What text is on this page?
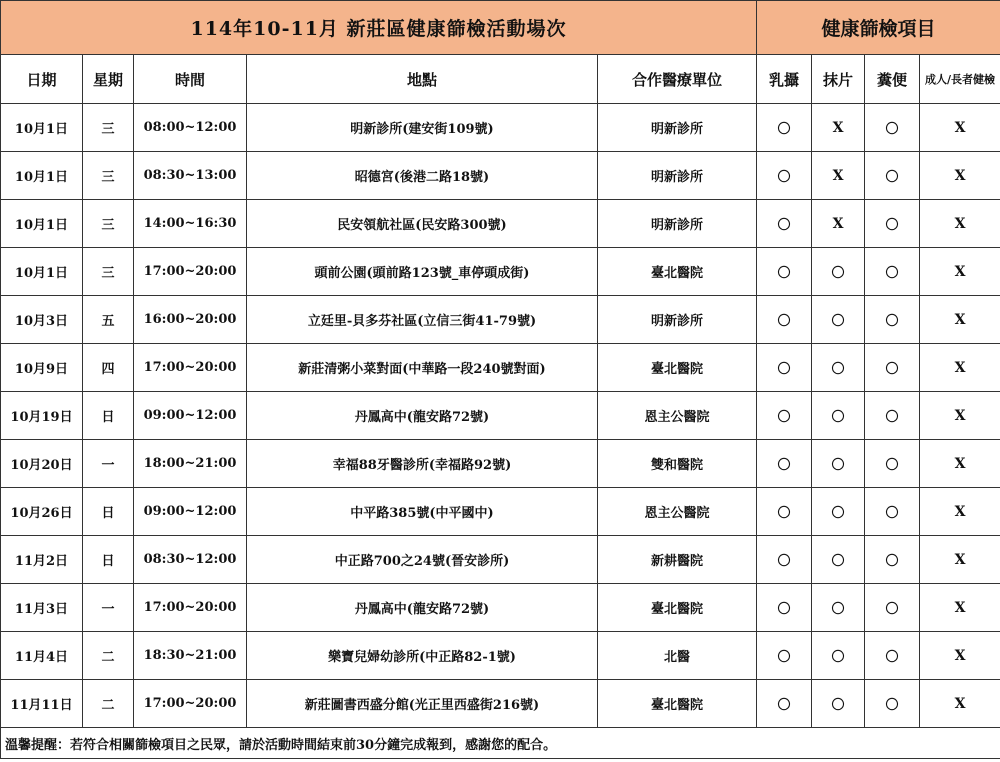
114年10-11月 新莊區健康篩檢活動場次					健康篩檢項目			
日期	星期	時間	地點	合作醫療單位	乳攝	抹片	糞便	成人/長者健檢
10月1日	三	08:00~12:00	明新診所(建安街109號)	明新診所	〇	X	〇	X
10月1日	三	08:30~13:00	昭德宮(後港二路18號)	明新診所	〇	X	〇	X
10月1日	三	14:00~16:30	民安領航社區(民安路300號)	明新診所	〇	X	〇	X
10月1日	三	17:00~20:00	頭前公園(頭前路123號_車停頭成街)	臺北醫院	〇	〇	〇	X
10月3日	五	16:00~20:00	立廷里-貝多芬社區(立信三街41-79號)	明新診所	〇	〇	〇	X
10月9日	四	17:00~20:00	新莊清粥小菜對面(中華路一段240號對面)	臺北醫院	〇	〇	〇	X
10月19日	日	09:00~12:00	丹鳳高中(龍安路72號)	恩主公醫院	〇	〇	〇	X
10月20日	一	18:00~21:00	幸福88牙醫診所(幸福路92號)	雙和醫院	〇	〇	〇	X
10月26日	日	09:00~12:00	中平路385號(中平國中)	恩主公醫院	〇	〇	〇	X
11月2日	日	08:30~12:00	中正路700之24號(晉安診所)	新耕醫院	〇	〇	〇	X
11月3日	一	17:00~20:00	丹鳳高中(龍安路72號)	臺北醫院	〇	〇	〇	X
11月4日	二	18:30~21:00	樂寶兒婦幼診所(中正路82-1號)	北醫	〇	〇	〇	X
11月11日	二	17:00~20:00	新莊圖書西盛分館(光正里西盛街216號)	臺北醫院	〇	〇	〇	X
溫馨提醒：若符合相關篩檢項目之民眾，請於活動時間結束前30分鐘完成報到，感謝您的配合。								
